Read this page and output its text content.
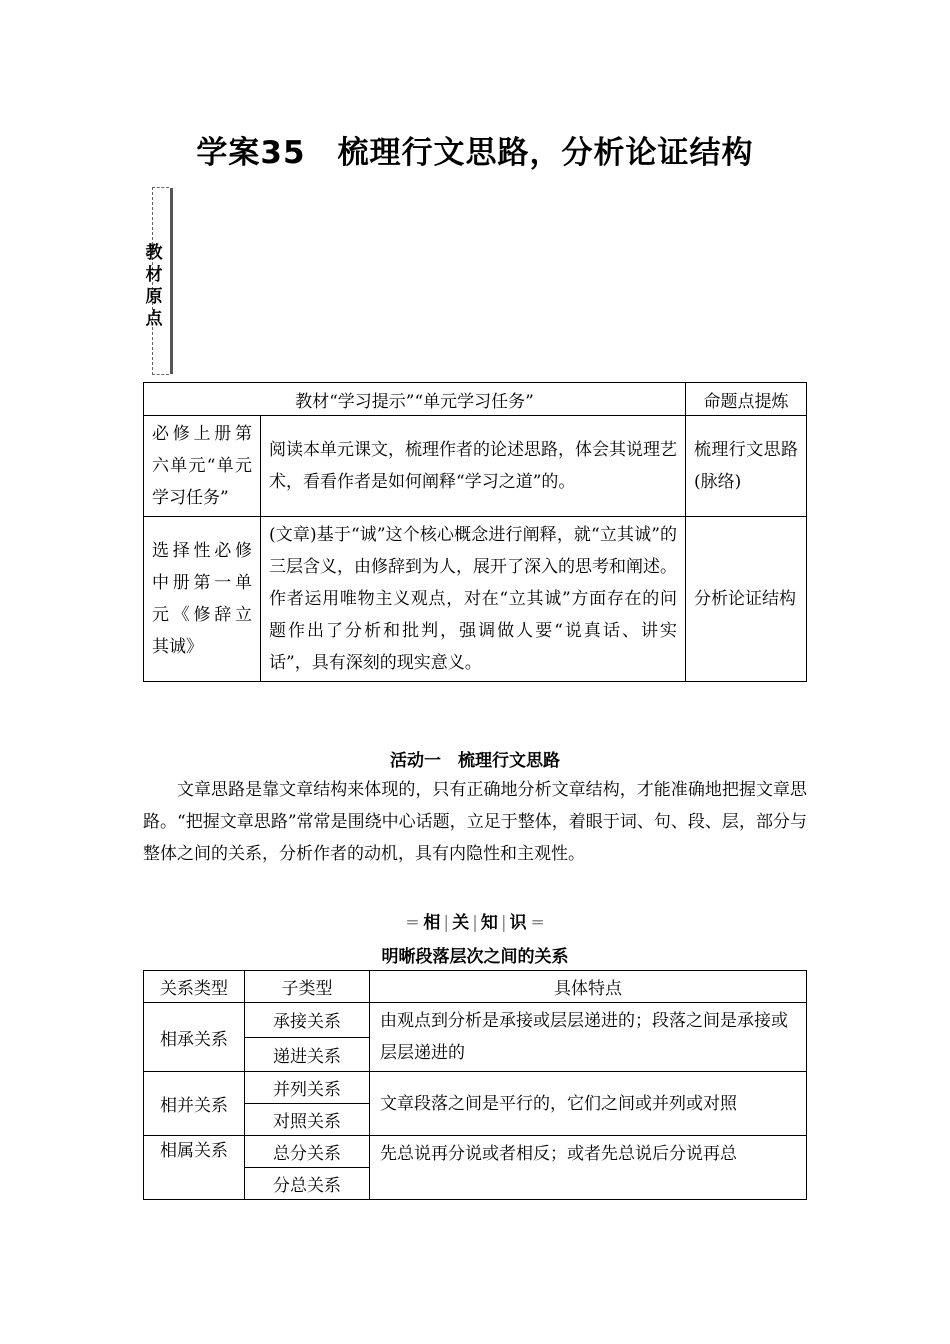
学案35　梳理行文思路，分析论证结构
教材原点
教材“学习提示”“单元学习任务”		命题点提炼
必修上册第六单元“单元学习任务”	阅读本单元课文，梳理作者的论述思路，体会其说理艺术，看看作者是如何阐释“学习之道”的。	梳理行文思路(脉络)
选择性必修中册第一单元《修辞立其诚》	(文章)基于“诚”这个核心概念进行阐释，就“立其诚”的三层含义，由修辞到为人，展开了深入的思考和阐述。作者运用唯物主义观点，对在“立其诚”方面存在的问题作出了分析和批判，强调做人要“说真话、讲实话”，具有深刻的现实意义。	分析论证结构
活动一　梳理行文思路

文章思路是靠文章结构来体现的，只有正确地分析文章结构，才能准确地把握文章思路。“把握文章思路”常常是围绕中心话题，立足于整体，着眼于词、句、段、层，部分与整体之间的关系，分析作者的动机，具有内隐性和主观性。

═ 相 | 关 | 知 | 识 ═
明晰段落层次之间的关系
关系类型	子类型	具体特点
相承关系	承接关系	由观点到分析是承接或层层递进的；段落之间是承接或层层递进的
	递进关系	
相并关系	并列关系	文章段落之间是平行的，它们之间或并列或对照
	对照关系	
相属关系	总分关系	先总说再分说或者相反；或者先总说后分说再总
	分总关系	
